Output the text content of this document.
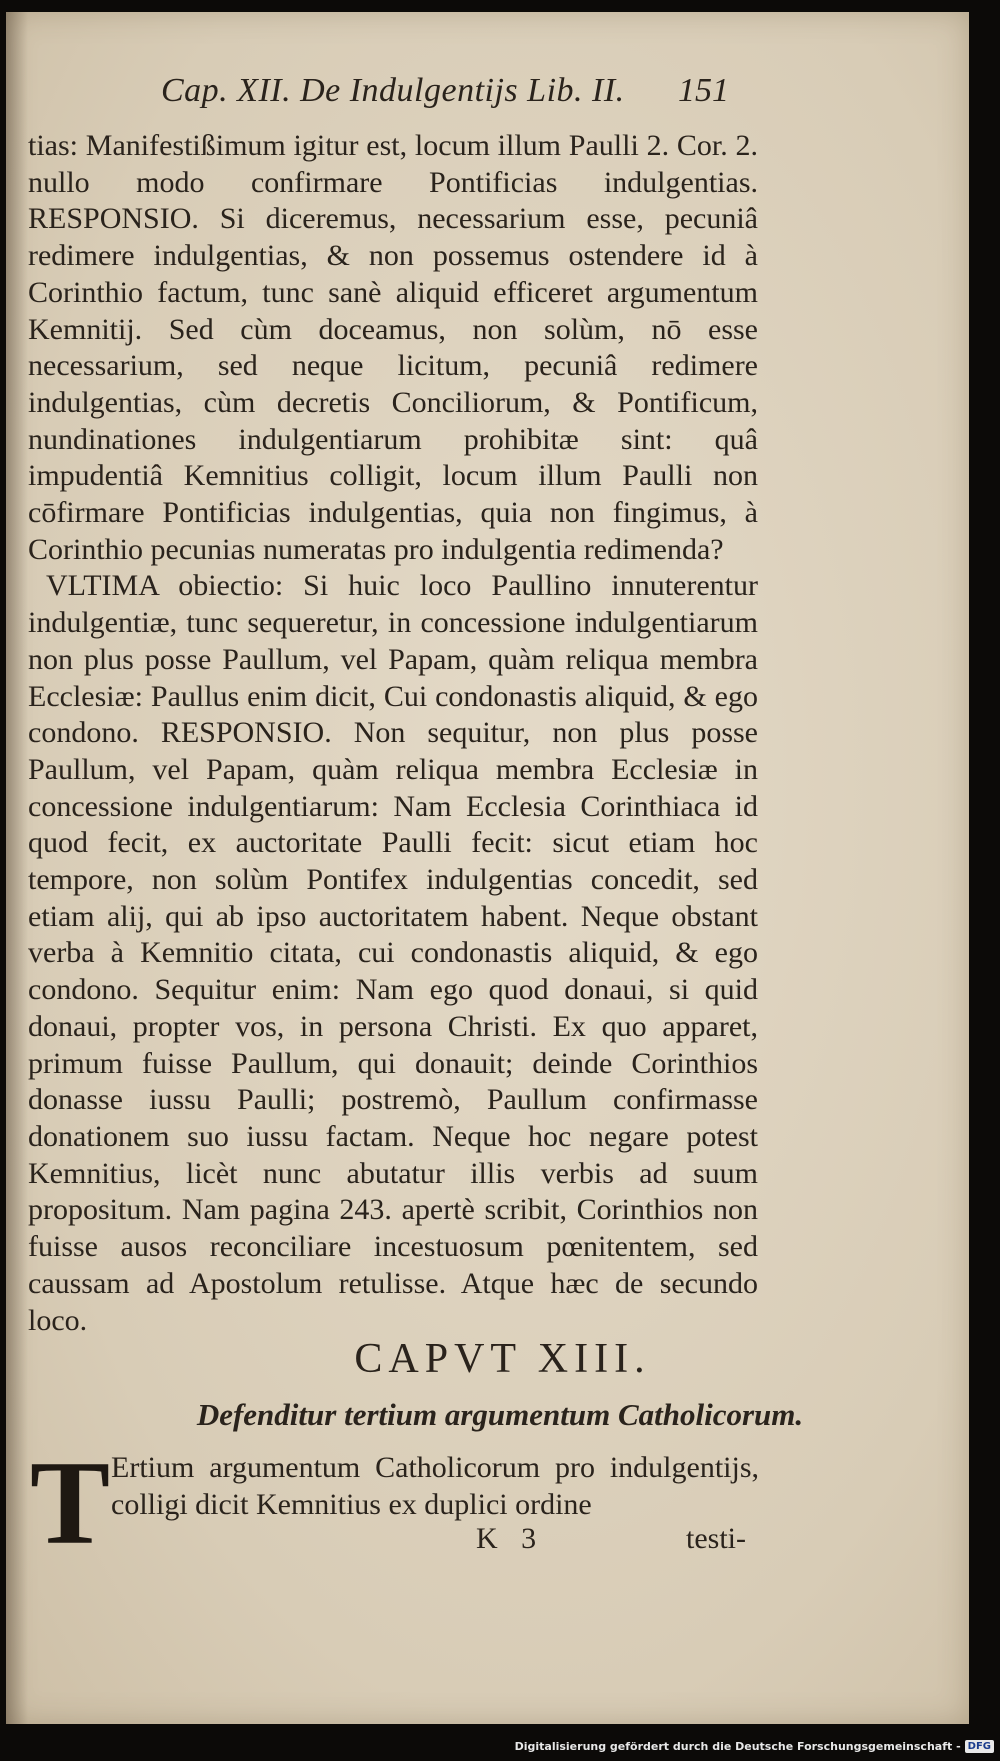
Cap. XII. De Indulgentijs Lib. II. 151

tias: Manifestißimum igitur est, locum illum Paulli 2. Cor. 2. nullo modo confirmare Pontificias indulgentias. RESPONSIO. Si diceremus, necessarium esse, pecuniâ redimere indulgentias, & non possemus ostendere id à Corinthio factum, tunc sanè aliquid efficeret argumentum Kemnitij. Sed cùm doceamus, non solùm, nō esse necessarium, sed neque licitum, pecuniâ redimere indulgentias, cùm decretis Conciliorum, & Pontificum, nundinationes indulgentiarum prohibitæ sint: quâ impudentiâ Kemnitius colligit, locum illum Paulli non cōfirmare Pontificias indulgentias, quia non fingimus, à Corinthio pecunias numeratas pro indulgentia redimenda?

VLTIMA obiectio: Si huic loco Paullino innuterentur indulgentiæ, tunc sequeretur, in concessione indulgentiarum non plus posse Paullum, vel Papam, quàm reliqua membra Ecclesiæ: Paullus enim dicit, Cui condonastis aliquid, & ego condono. RESPONSIO. Non sequitur, non plus posse Paullum, vel Papam, quàm reliqua membra Ecclesiæ in concessione indulgentiarum: Nam Ecclesia Corinthiaca id quod fecit, ex auctoritate Paulli fecit: sicut etiam hoc tempore, non solùm Pontifex indulgentias concedit, sed etiam alij, qui ab ipso auctoritatem habent. Neque obstant verba à Kemnitio citata, cui condonastis aliquid, & ego condono. Sequitur enim: Nam ego quod donaui, si quid donaui, propter vos, in persona Christi. Ex quo apparet, primum fuisse Paullum, qui donauit; deinde Corinthios donasse iussu Paulli; postremò, Paullum confirmasse donationem suo iussu factam. Neque hoc negare potest Kemnitius, licèt nunc abutatur illis verbis ad suum propositum. Nam pagina 243. apertè scribit, Corinthios non fuisse ausos reconciliare incestuosum pœnitentem, sed caussam ad Apostolum retulisse. Atque hæc de secundo loco.

CAPVT XIII.
Defenditur tertium argumentum Catholicorum.
T Ertium argumentum Catholicorum pro indulgentijs, colligi dicit Kemnitius ex duplici ordine

K 3	testi-
Digitalisierung gefördert durch die Deutsche Forschungsgemeinschaft - DFG
